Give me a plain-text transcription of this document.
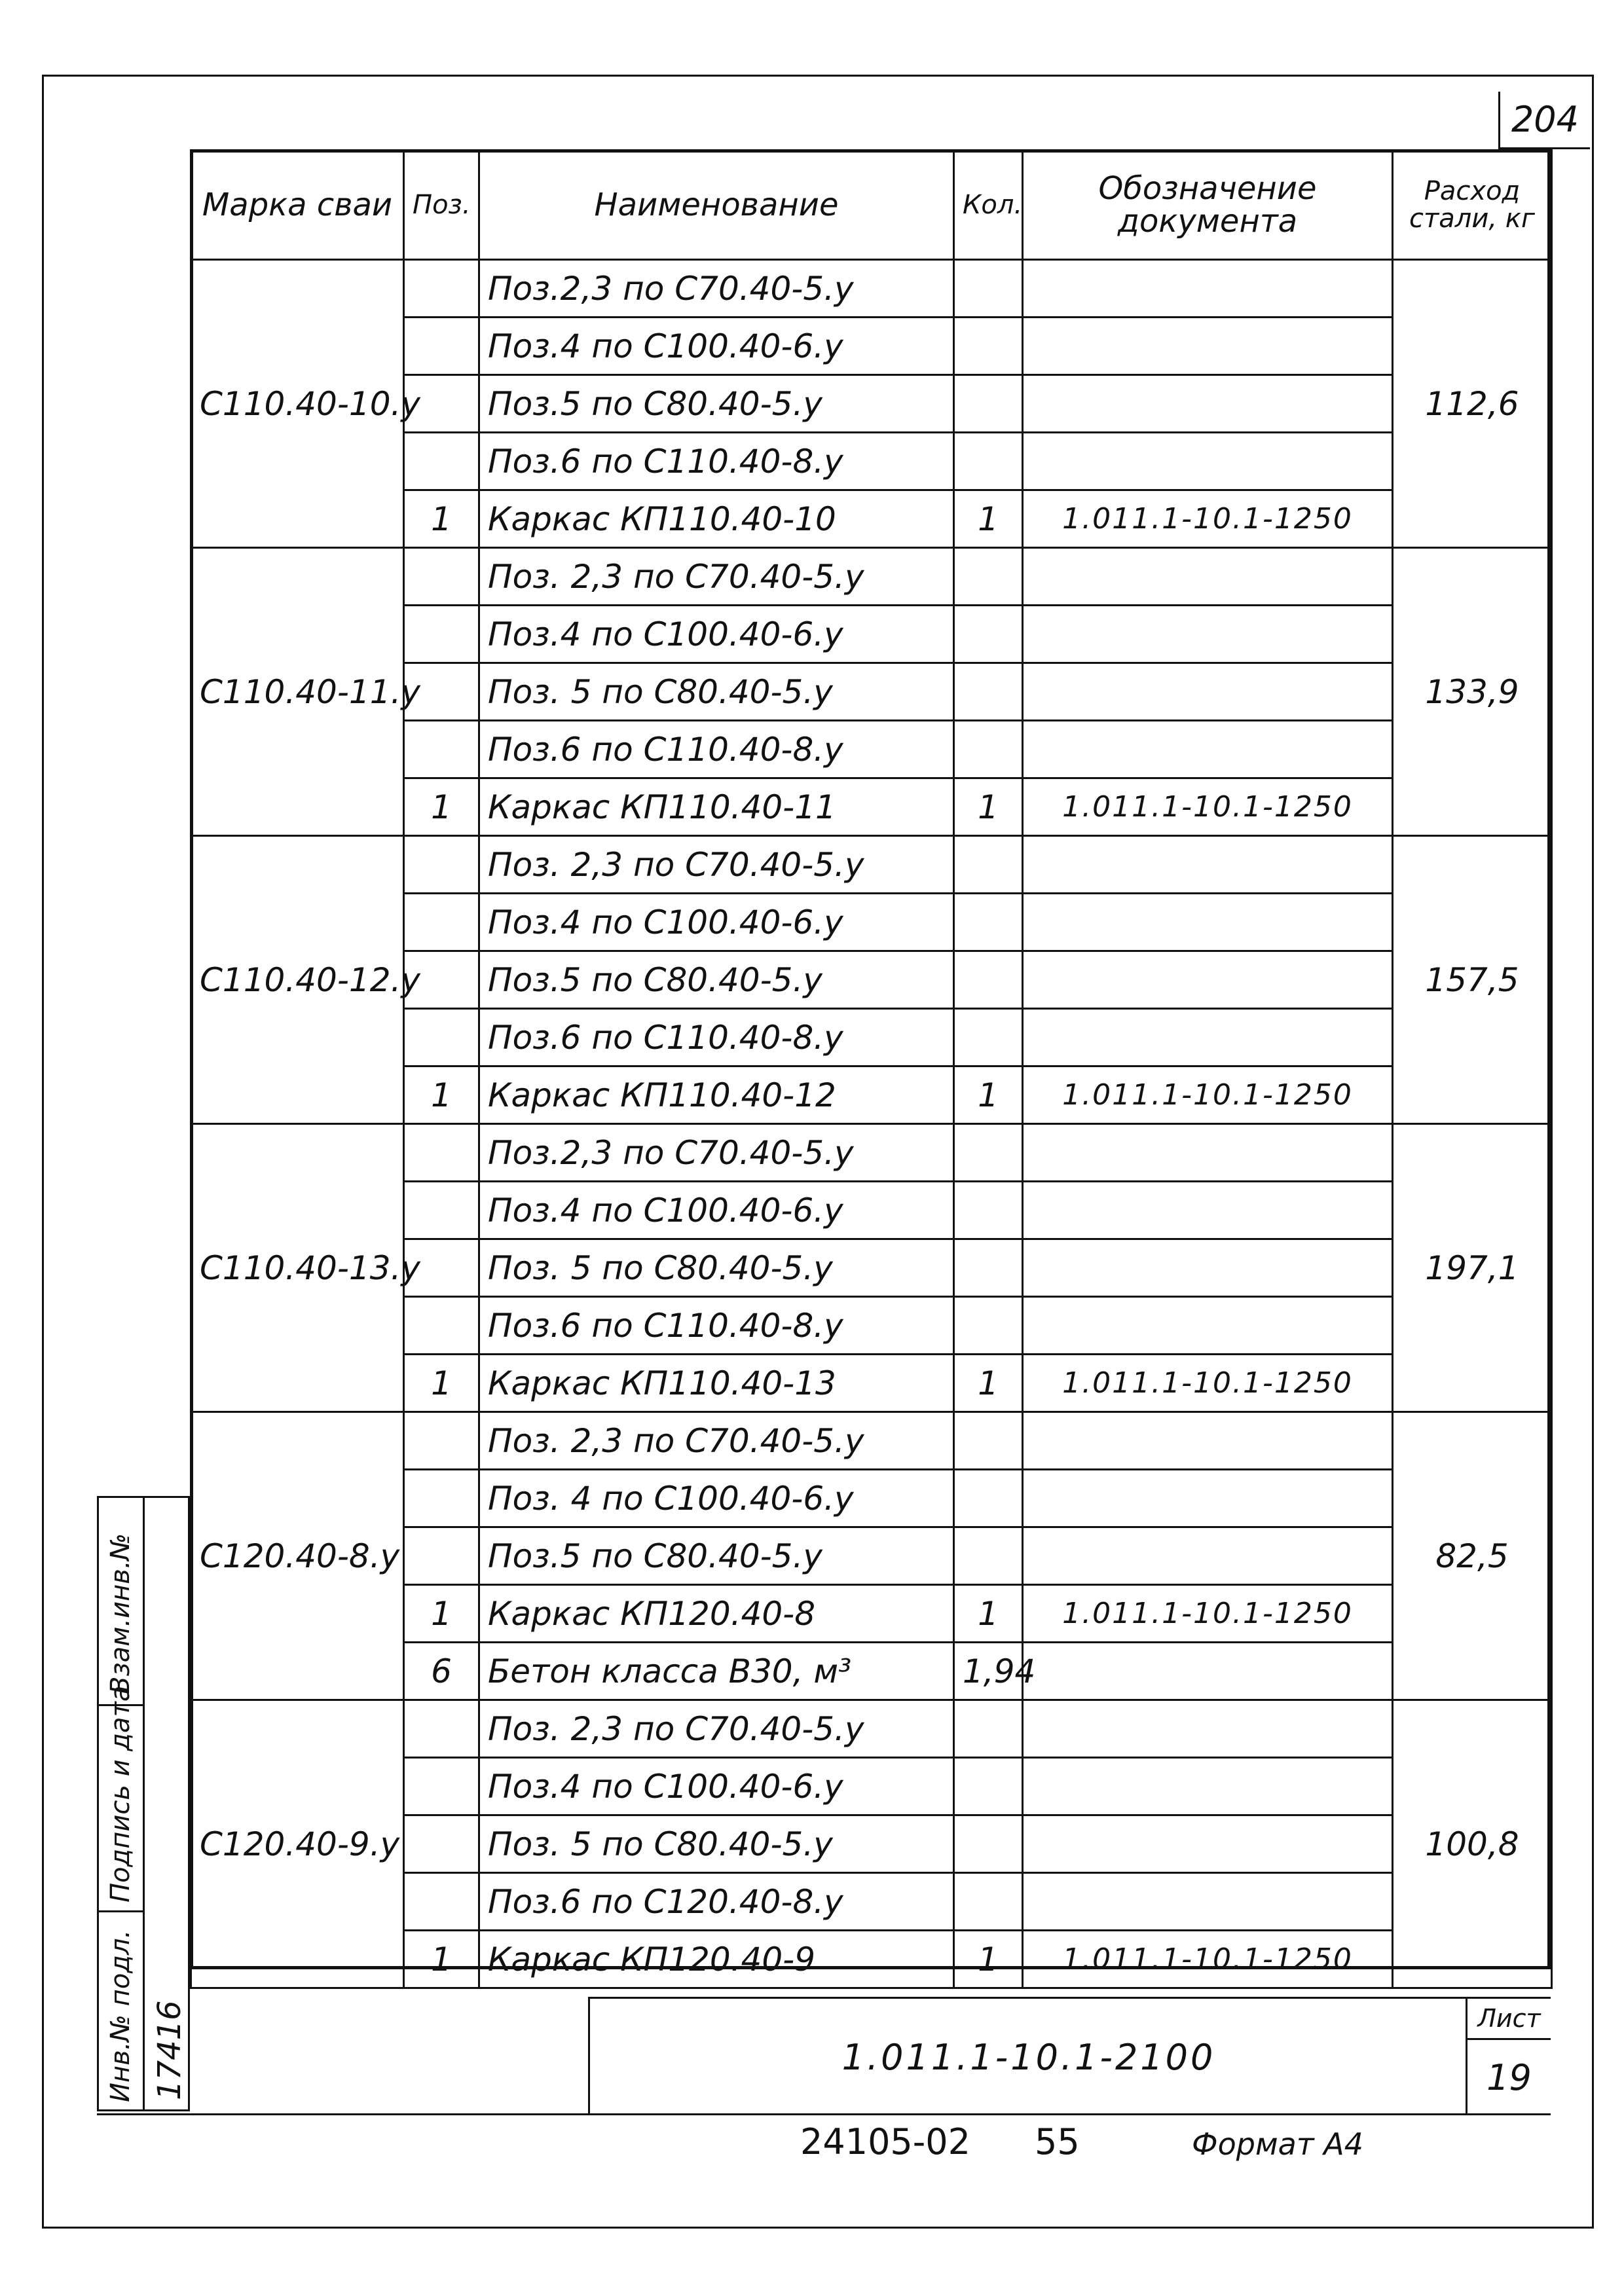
204
Марка сваи	Поз.	Наименование	Кол.	Обозначение документа	Расход стали, кг
С110.40-10.у		Поз.2,3 по С70.40-5.у			112,6
		Поз.4 по С100.40-6.у			
		Поз.5 по С80.40-5.у			
		Поз.6 по С110.40-8.у			
	1	Каркас КП110.40-10	1	1.011.1-10.1-1250	
С110.40-11.у		Поз. 2,3 по С70.40-5.у			133,9
		Поз.4 по С100.40-6.у			
		Поз. 5 по С80.40-5.у			
		Поз.6 по С110.40-8.у			
	1	Каркас КП110.40-11	1	1.011.1-10.1-1250	
С110.40-12.у		Поз. 2,3 по С70.40-5.у			157,5
		Поз.4 по С100.40-6.у			
		Поз.5 по С80.40-5.у			
		Поз.6 по С110.40-8.у			
	1	Каркас КП110.40-12	1	1.011.1-10.1-1250	
С110.40-13.у		Поз.2,3 по С70.40-5.у			197,1
		Поз.4 по С100.40-6.у			
		Поз. 5 по С80.40-5.у			
		Поз.6 по С110.40-8.у			
	1	Каркас КП110.40-13	1	1.011.1-10.1-1250	
С120.40-8.у		Поз. 2,3 по С70.40-5.у			82,5
		Поз. 4 по С100.40-6.у			
		Поз.5 по С80.40-5.у			
	1	Каркас КП120.40-8	1	1.011.1-10.1-1250	
	6	Бетон класса В30, м³	1,94		
С120.40-9.у		Поз. 2,3 по С70.40-5.у			100,8
		Поз.4 по С100.40-6.у			
		Поз. 5 по С80.40-5.у			
		Поз.6 по С120.40-8.у			
	1	Каркас КП120.40-9	1	1.011.1-10.1-1250	
Взам.инв.№
Подпись и дата
Инв.№ подл. 17416	1.011.1-10.1-2100
Лист
19
24105-02 55	Формат А4
